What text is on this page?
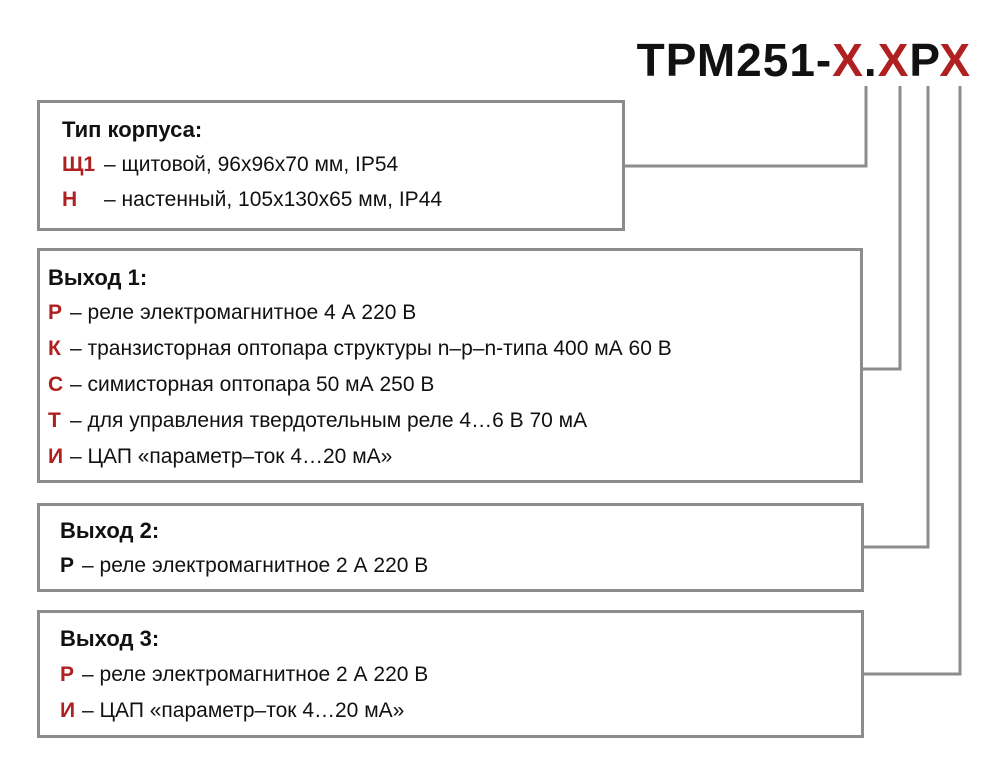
ТРМ251-Х.ХРХ
Тип корпуса:
Щ1 – щитовой, 96х96х70 мм, IP54
Н – настенный, 105х130х65 мм, IP44
Выход 1:
Р – реле электромагнитное 4 А 220 В
К – транзисторная оптопара структуры n–p–n-типа 400 мА 60 В
С – симисторная оптопара 50 мА 250 В
Т – для управления твердотельным реле 4…6 В 70 мА
И – ЦАП «параметр–ток 4…20 мА»
Выход 2:
Р – реле электромагнитное 2 А 220 В
Выход 3:
Р – реле электромагнитное 2 А 220 В
И – ЦАП «параметр–ток 4…20 мА»
